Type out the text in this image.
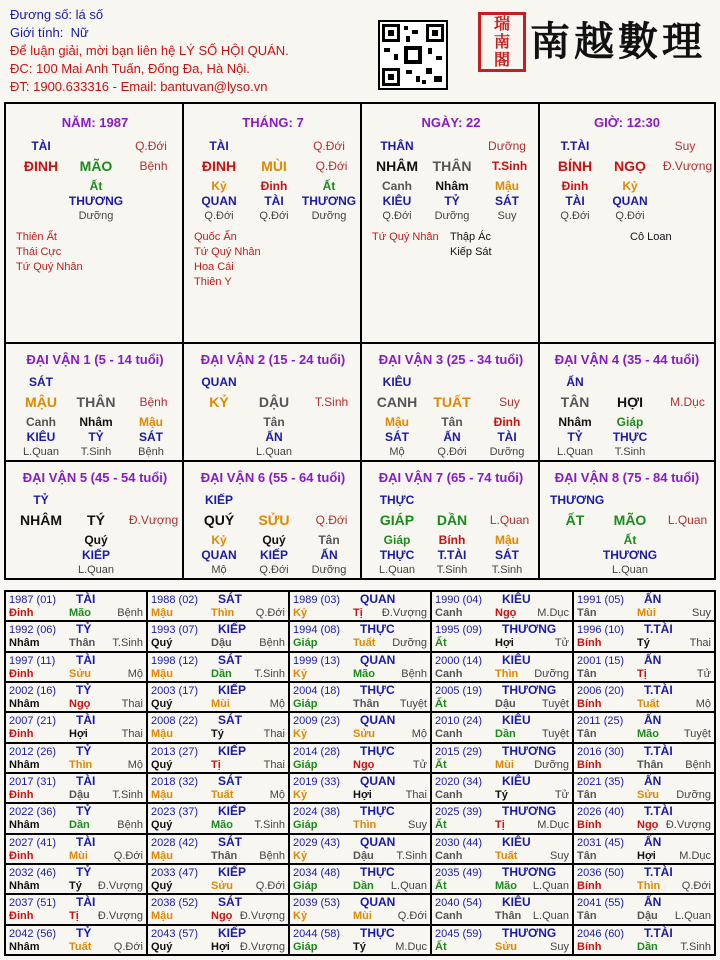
Đương số: lá số
Giới tính: Nữ
Để luận giải, mời bạn liên hệ LÝ SỐ HỘI QUÁN.
ĐC: 100 Mai Anh Tuấn, Đống Đa, Hà Nội.
ĐT: 1900.633316 - Email: bantuvan@lyso.vn
瑞
南
閤 南越數理
NĂM: 1987
TÀI	Q.Đới
ĐINH	MÃO	Bệnh
Ất
THƯƠNG
Dưỡng
Thiên Ất
Thái Cực
Tứ Quý Nhân
THÁNG: 7
TÀI	Q.Đới
ĐINH	MÙI	Q.Đới
Kỷ	Đinh	Ất
QUAN	TÀI	THƯƠNG
Q.Đới	Q.Đới	Dưỡng
Quốc Ấn
Tứ Quý Nhân
Hoa Cái
Thiên Y
NGÀY: 22
THÂN	Dưỡng
NHÂM	THÂN	T.Sinh
Canh	Nhâm	Mậu
KIÊU	TỶ	SÁT
Q.Đới	Dưỡng	Suy
Tứ Quý Nhân Thập Ác
Kiếp Sát
GIỜ: 12:30
T.TÀI	Suy
BÍNH	NGỌ	Đ.Vượng
Đinh	Kỷ
TÀI	QUAN
Q.Đới	Q.Đới
Cô Loan
ĐẠI VẬN 1 (5 - 14 tuổi)
SÁT
MẬU	THÂN	Bệnh
Canh	Nhâm	Mậu
KIÊU	TỶ	SÁT
L.Quan	T.Sinh	Bệnh
ĐẠI VẬN 2 (15 - 24 tuổi)
QUAN
KỶ	DẬU	T.Sinh
Tân
ẤN
L.Quan
ĐẠI VẬN 3 (25 - 34 tuổi)
KIÊU
CANH	TUẤT	Suy
Mậu	Tân	Đinh
SÁT	ẤN	TÀI
Mộ	Q.Đới	Dưỡng
ĐẠI VẬN 4 (35 - 44 tuổi)
ẤN
TÂN	HỢI	M.Dục
Nhâm	Giáp
TỶ	THỰC
L.Quan	T.Sinh
ĐẠI VẬN 5 (45 - 54 tuổi)
TỶ
NHÂM	TÝ	Đ.Vượng
Quý
KIẾP
L.Quan
ĐẠI VẬN 6 (55 - 64 tuổi)
KIẾP
QUÝ	SỬU	Q.Đới
Kỷ	Quý	Tân
QUAN	KIẾP	ẤN
Mộ	Q.Đới	Dưỡng
ĐẠI VẬN 7 (65 - 74 tuổi)
THỰC
GIÁP	DẦN	L.Quan
Giáp	Bính	Mậu
THỰC	T.TÀI	SÁT
L.Quan	T.Sinh	T.Sinh
ĐẠI VẬN 8 (75 - 84 tuổi)
THƯƠNG
ẤT	MÃO	L.Quan
Ất
THƯƠNG
L.Quan
1987 (01) TÀI
Đinh	Mão Bệnh
1988 (02) SÁT
Mậu	Thìn Q.Đới
1989 (03) QUAN
Kỷ	Tị Đ.Vượng
1990 (04) KIÊU
Canh	Ngọ M.Dục
1991 (05) ẤN
Tân	Mùi	Suy
1992 (06) TỶ
Nhâm	Thân T.Sinh
1993 (07) KIẾP
Quý	Dậu	Bệnh
1994 (08) THỰC
Giáp	Tuất Dưỡng
1995 (09) THƯƠNG
Ất	Hợi	Tử
1996 (10) T.TÀI
Bính	Tý	Thai
1997 (11) TÀI
Đinh	Sửu	Mộ
1998 (12) SÁT
Mậu	Dần T.Sinh
1999 (13) QUAN
Kỷ	Mão Bệnh
2000 (14) KIÊU
Canh	Thìn Dưỡng
2001 (15) ẤN
Tân	Tị	Tử
2002 (16) TỶ
Nhâm	Ngọ	Thai
2003 (17) KIẾP
Quý	Mùi	Mộ
2004 (18) THỰC
Giáp	Thân Tuyệt
2005 (19) THƯƠNG
Ất	Dậu Tuyệt
2006 (20) T.TÀI
Bính	Tuất	Mộ
2007 (21) TÀI
Đinh	Hợi	Thai
2008 (22) SÁT
Mậu	Tý	Thai
2009 (23) QUAN
Kỷ	Sửu	Mộ
2010 (24) KIÊU
Canh	Dần Tuyệt
2011 (25) ẤN
Tân	Mão Tuyệt
2012 (26) TỶ
Nhâm	Thìn	Mộ
2013 (27) KIẾP
Quý	Tị	Thai
2014 (28) THỰC
Giáp	Ngọ	Tử
2015 (29) THƯƠNG
Ất	Mùi Dưỡng
2016 (30) T.TÀI
Bính	Thân Bệnh
2017 (31) TÀI
Đinh	Dậu T.Sinh
2018 (32) SÁT
Mậu	Tuất	Mộ
2019 (33) QUAN
Kỷ	Hợi	Thai
2020 (34) KIÊU
Canh	Tý	Tử
2021 (35) ẤN
Tân	Sửu Dưỡng
2022 (36) TỶ
Nhâm	Dần	Bệnh
2023 (37) KIẾP
Quý	Mão T.Sinh
2024 (38) THỰC
Giáp	Thìn	Suy
2025 (39) THƯƠNG
Ất	Tị	M.Dục
2026 (40) T.TÀI
Bính	Ngọ Đ.Vượng
2027 (41) TÀI
Đinh	Mùi Q.Đới
2028 (42) SÁT
Mậu	Thân Bệnh
2029 (43) QUAN
Kỷ	Dậu T.Sinh
2030 (44) KIÊU
Canh	Tuất	Suy
2031 (45) ẤN
Tân	Hợi M.Dục
2032 (46) TỶ
Nhâm	Tý Đ.Vượng
2033 (47) KIẾP
Quý	Sửu Q.Đới
2034 (48) THỰC
Giáp	Dần L.Quan
2035 (49) THƯƠNG
Ất	Mão L.Quan
2036 (50) T.TÀI
Bính	Thìn Q.Đới
2037 (51) TÀI
Đinh	Tị Đ.Vượng
2038 (52) SÁT
Mậu	Ngọ Đ.Vượng
2039 (53) QUAN
Kỷ	Mùi Q.Đới
2040 (54) KIÊU
Canh	Thân L.Quan
2041 (55) ẤN
Tân	Dậu L.Quan
2042 (56) TỶ
Nhâm	Tuất Q.Đới
2043 (57) KIẾP
Quý	Hợi Đ.Vượng
2044 (58) THỰC
Giáp	Tý	M.Dục
2045 (59) THƯƠNG
Ất	Sửu	Suy
2046 (60) T.TÀI
Bính	Dần T.Sinh
